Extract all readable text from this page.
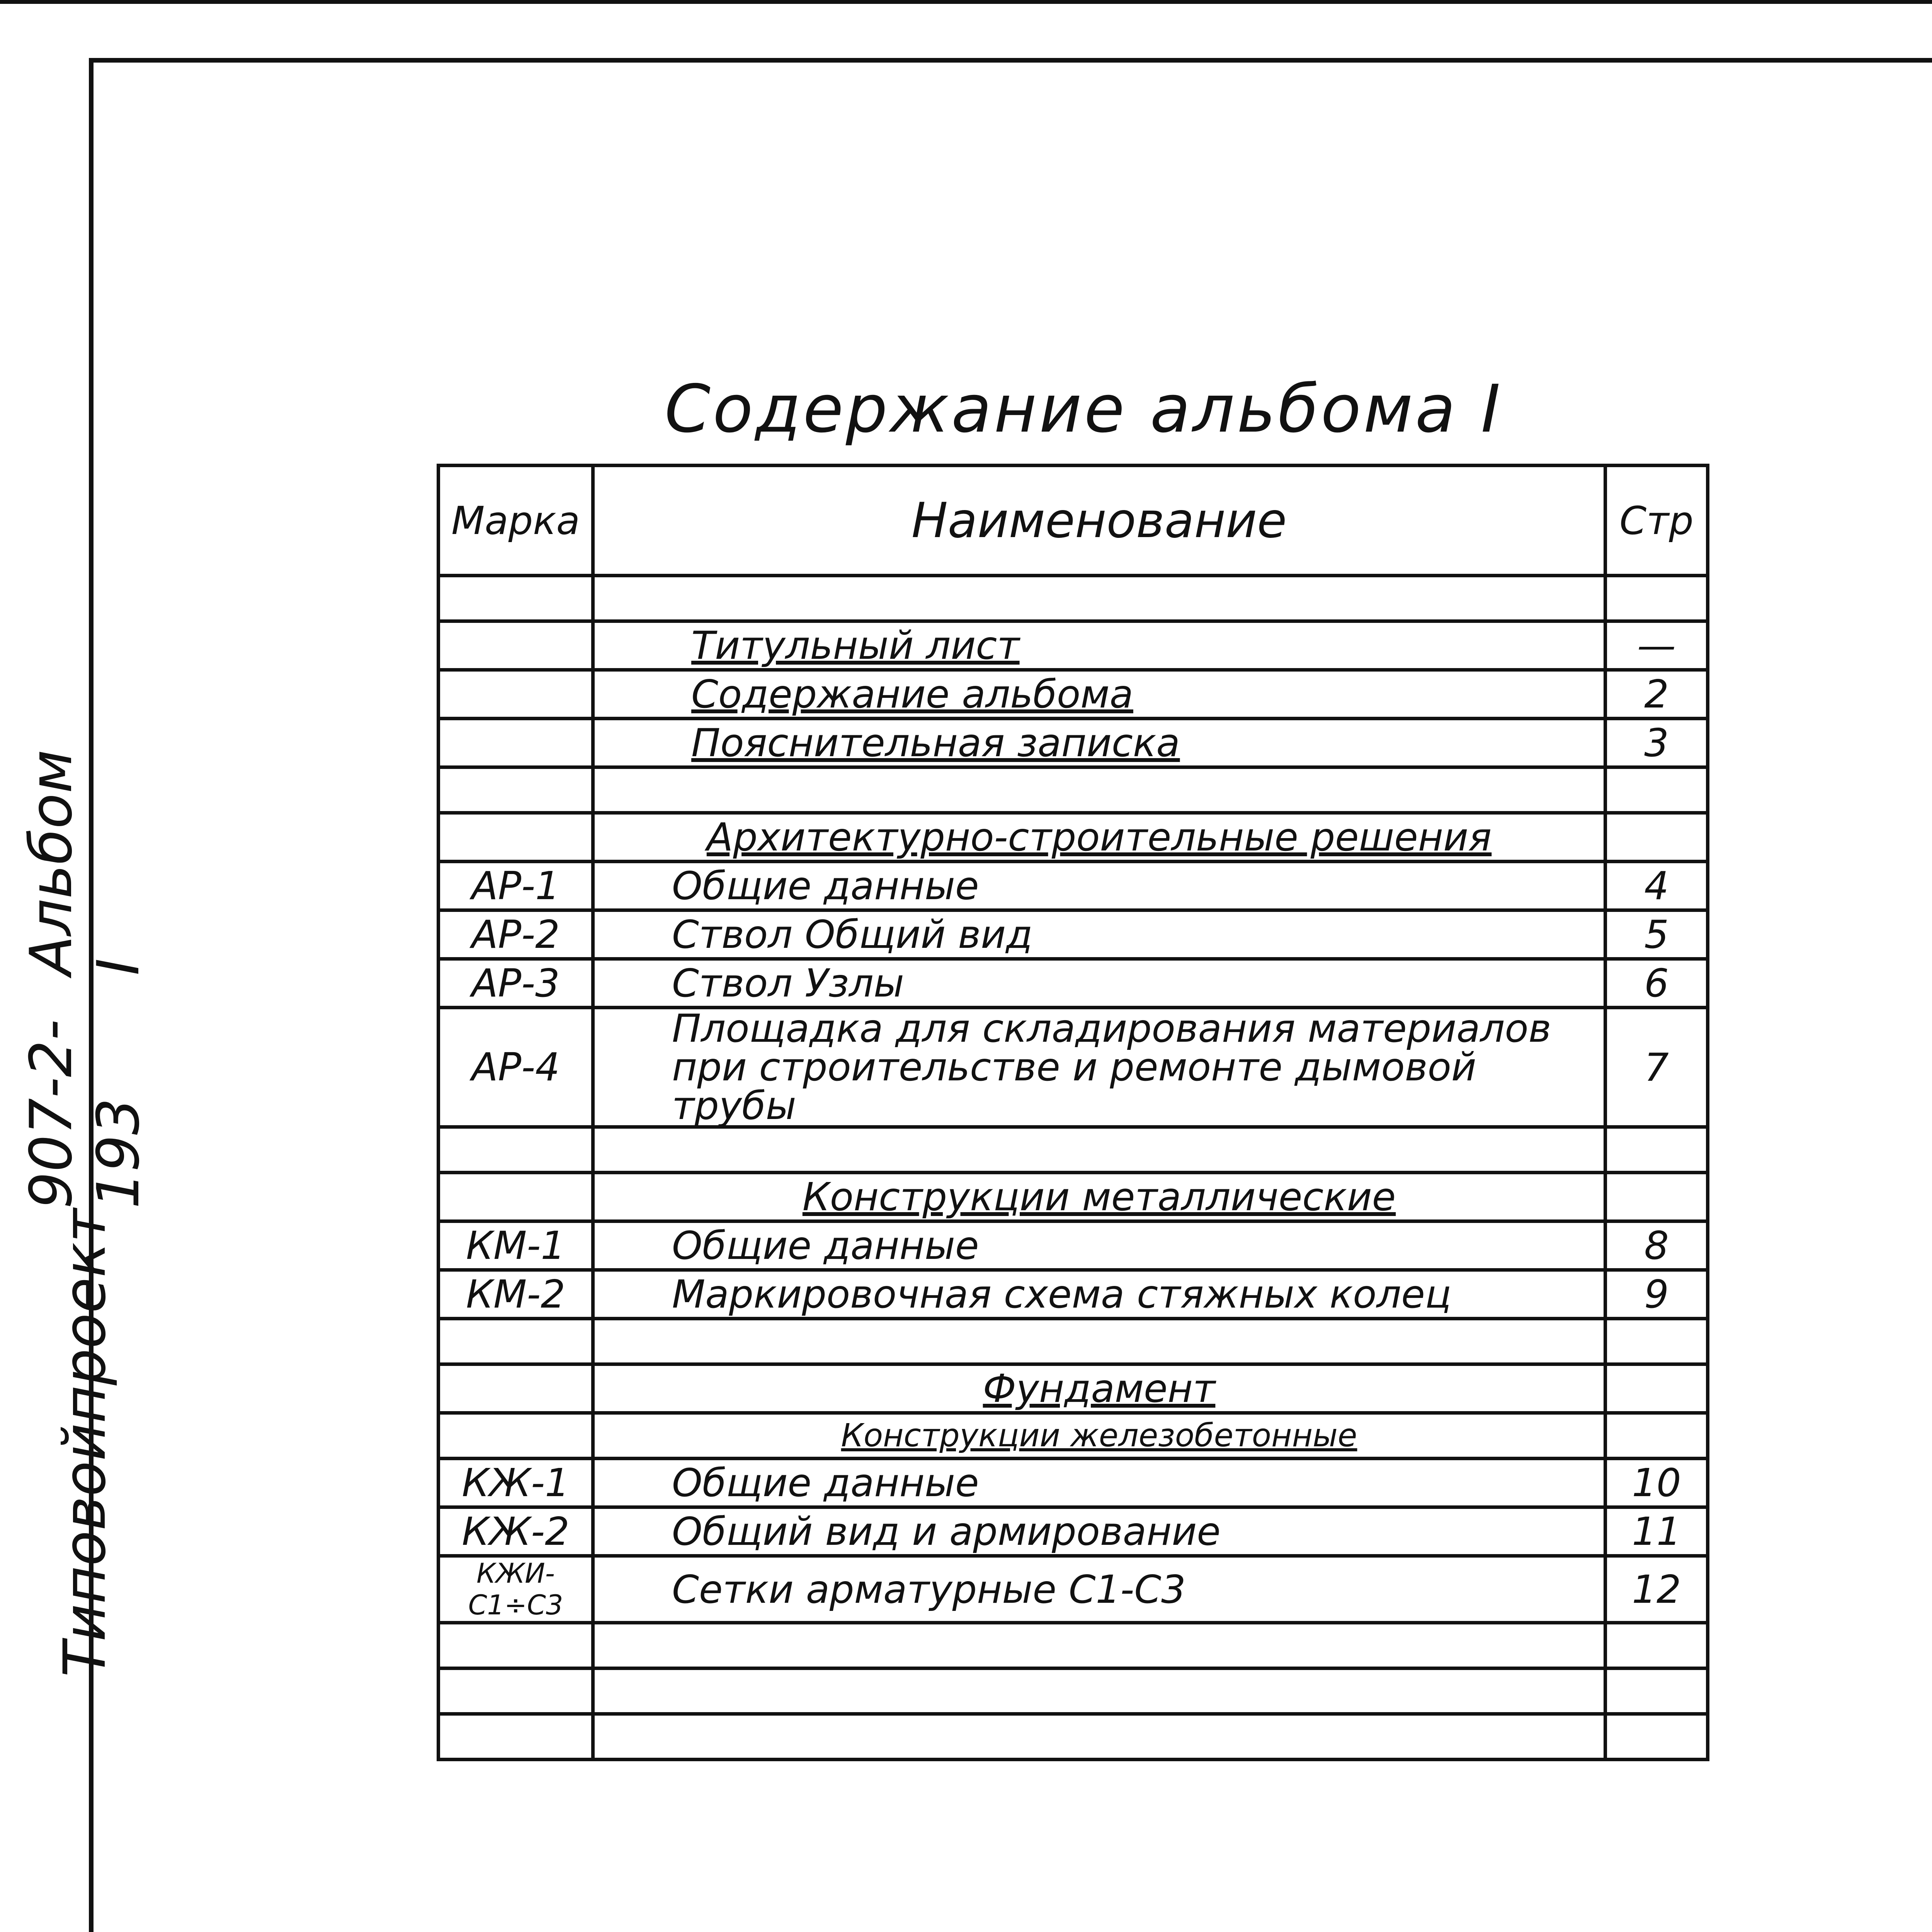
Типовой
проект
907-2-193
Альбом I
Содержание альбома I
Марка	Наименование	Стр

	Титульный лист	—
	Содержание альбома	2
	Пояснительная записка	3

	Архитектурно-строительные решения	
АР-1	Общие данные	4
АР-2	Ствол Общий вид	5
АР-3	Ствол Узлы	6
АР-4	Площадка для складирования материалов при строительстве и ремонте дымовой трубы	7

	Конструкции металлические	
КМ-1	Общие данные	8
КМ-2	Маркировочная схема стяжных колец	9

	Фундамент	
	Конструкции железобетонные	
КЖ-1	Общие данные	10
КЖ-2	Общий вид и армирование	11
КЖИ-С1÷С3	Сетки арматурные С1-С3	12
